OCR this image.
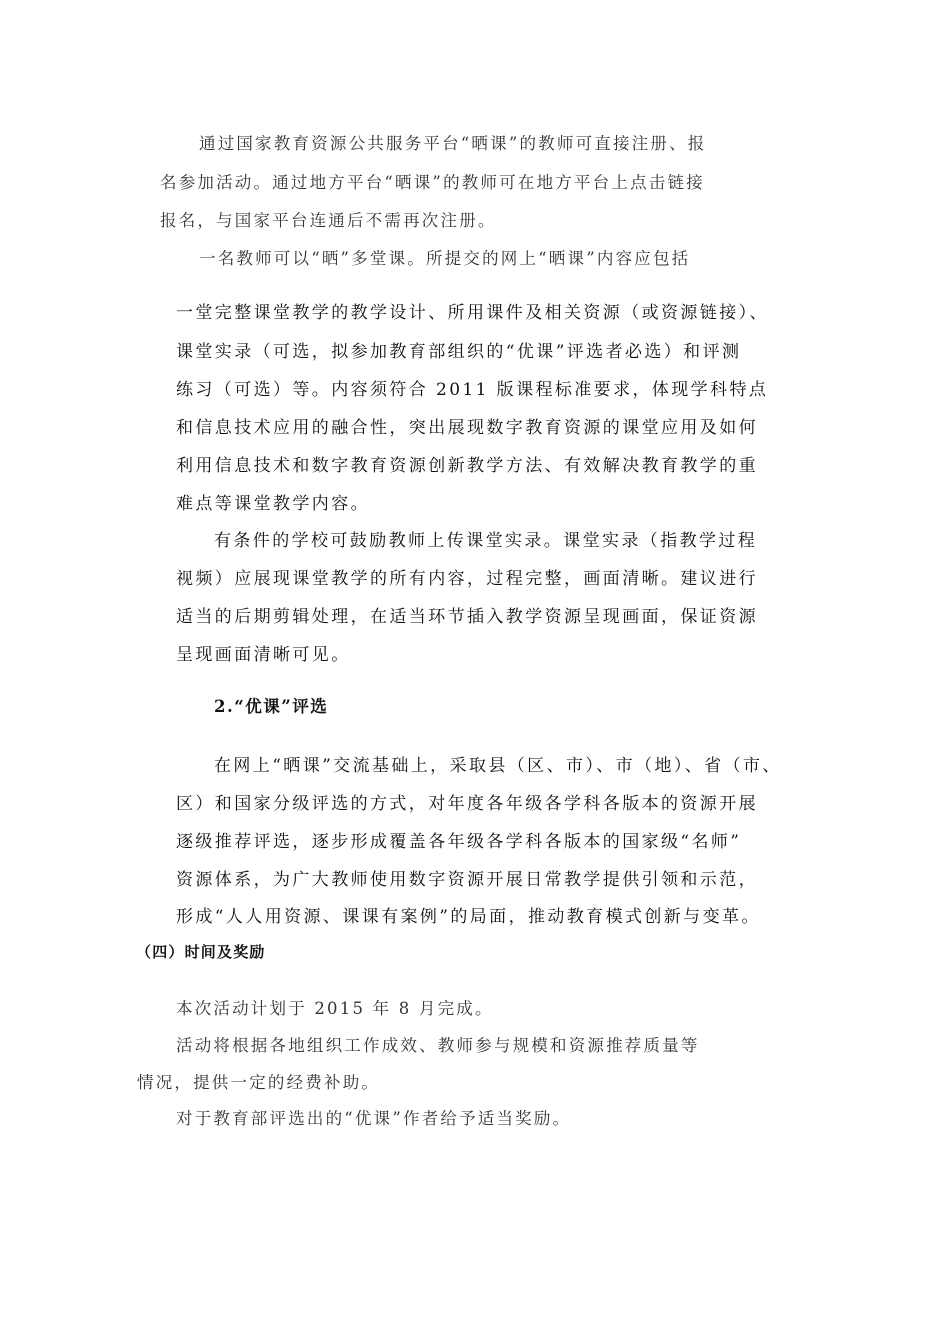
通过国家教育资源公共服务平台“晒课”的教师可直接注册、报
名参加活动。通过地方平台“晒课”的教师可在地方平台上点击链接
报名，与国家平台连通后不需再次注册。
一名教师可以“晒”多堂课。所提交的网上“晒课”内容应包括
一堂完整课堂教学的教学设计、所用课件及相关资源（或资源链接）、
课堂实录（可选，拟参加教育部组织的“优课”评选者必选）和评测
练习（可选）等。内容须符合 2011 版课程标准要求，体现学科特点
和信息技术应用的融合性，突出展现数字教育资源的课堂应用及如何
利用信息技术和数字教育资源创新教学方法、有效解决教育教学的重
难点等课堂教学内容。
有条件的学校可鼓励教师上传课堂实录。课堂实录（指教学过程
视频）应展现课堂教学的所有内容，过程完整，画面清晰。建议进行
适当的后期剪辑处理，在适当环节插入教学资源呈现画面，保证资源
呈现画面清晰可见。
2.“优课”评选
在网上“晒课”交流基础上，采取县（区、市）、市（地）、省（市、
区）和国家分级评选的方式，对年度各年级各学科各版本的资源开展
逐级推荐评选，逐步形成覆盖各年级各学科各版本的国家级“名师”
资源体系，为广大教师使用数字资源开展日常教学提供引领和示范，
形成“人人用资源、课课有案例”的局面，推动教育模式创新与变革。
（四）时间及奖励
本次活动计划于 2015 年 8 月完成。
活动将根据各地组织工作成效、教师参与规模和资源推荐质量等
情况，提供一定的经费补助。
对于教育部评选出的“优课”作者给予适当奖励。
